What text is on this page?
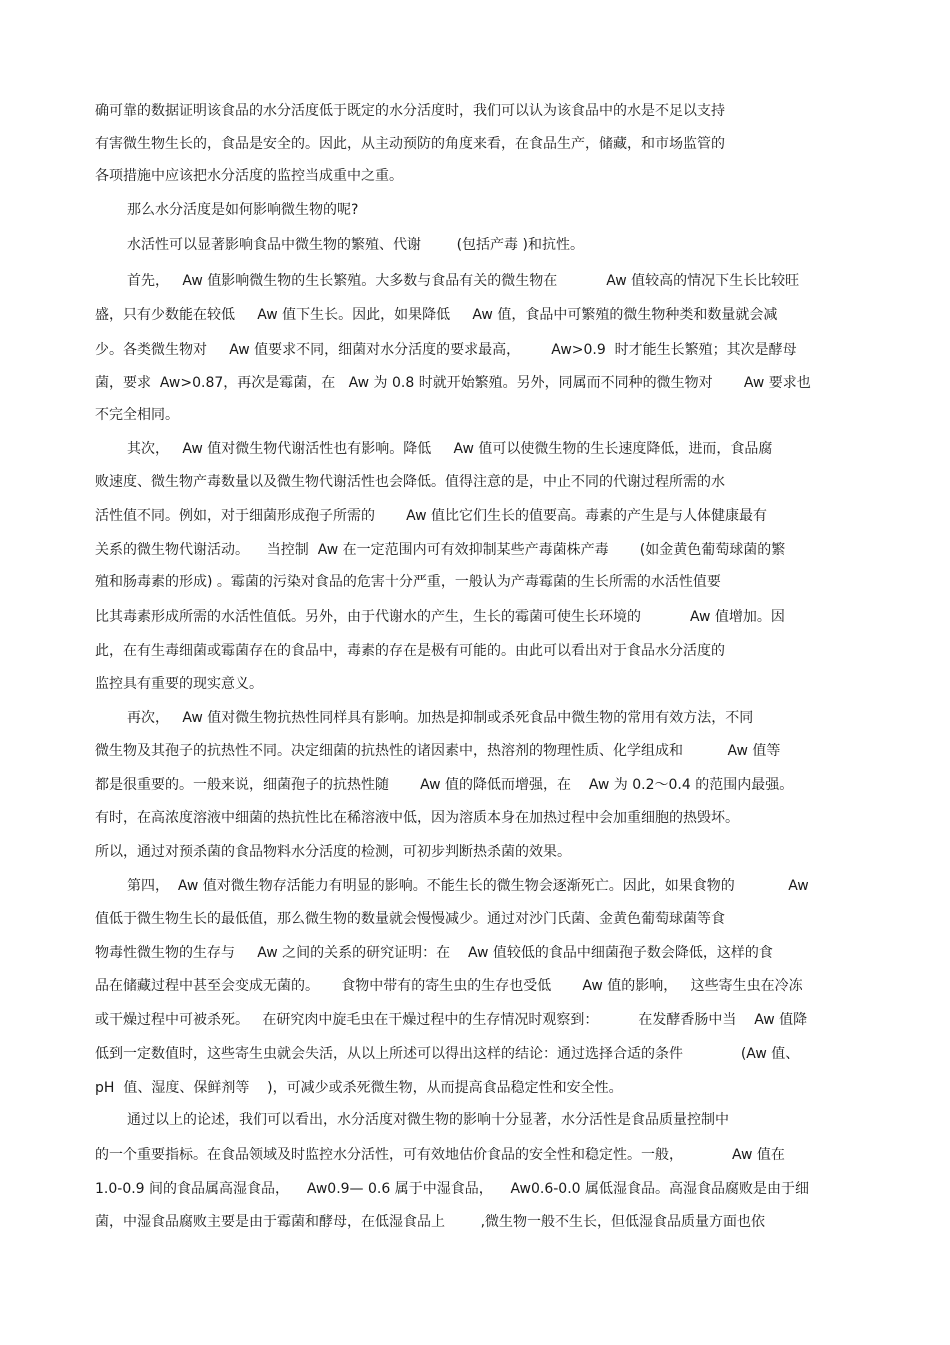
确可靠的数据证明该食品的水分活度低于既定的水分活度时，我们可以认为该食品中的水是不足以支持
有害微生物生长的，食品是安全的。因此，从主动预防的角度来看，在食品生产，储藏，和市场监管的
各项措施中应该把水分活度的监控当成重中之重。
那么水分活度是如何影响微生物的呢?
水活性可以显著影响食品中微生物的繁殖、代谢        (包括产毒 )和抗性。
首先，   Aw 值影响微生物的生长繁殖。大多数与食品有关的微生物在           Aw 值较高的情况下生长比较旺
盛，只有少数能在较低     Aw 值下生长。因此，如果降低     Aw 值，食品中可繁殖的微生物种类和数量就会减
少。各类微生物对     Aw 值要求不同，细菌对水分活度的要求最高，       Aw>0.9  时才能生长繁殖；其次是酵母
菌，要求  Aw>0.87，再次是霉菌，在   Aw 为 0.8 时就开始繁殖。另外，同属而不同种的微生物对       Aw 要求也
不完全相同。
其次，   Aw 值对微生物代谢活性也有影响。降低     Aw 值可以使微生物的生长速度降低，进而，食品腐
败速度、微生物产毒数量以及微生物代谢活性也会降低。值得注意的是，中止不同的代谢过程所需的水
活性值不同。例如，对于细菌形成孢子所需的       Aw 值比它们生长的值要高。毒素的产生是与人体健康最有
关系的微生物代谢活动。    当控制  Aw 在一定范围内可有效抑制某些产毒菌株产毒       (如金黄色葡萄球菌的繁
殖和肠毒素的形成) 。霉菌的污染对食品的危害十分严重，一般认为产毒霉菌的生长所需的水活性值要
比其毒素形成所需的水活性值低。另外，由于代谢水的产生，生长的霉菌可使生长环境的           Aw 值增加。因
此，在有生毒细菌或霉菌存在的食品中，毒素的存在是极有可能的。由此可以看出对于食品水分活度的
监控具有重要的现实意义。
再次，   Aw 值对微生物抗热性同样具有影响。加热是抑制或杀死食品中微生物的常用有效方法，不同
微生物及其孢子的抗热性不同。决定细菌的抗热性的诸因素中，热溶剂的物理性质、化学组成和          Aw 值等
都是很重要的。一般来说，细菌孢子的抗热性随       Aw 值的降低而增强，在    Aw 为 0.2～0.4 的范围内最强。
有时，在高浓度溶液中细菌的热抗性比在稀溶液中低，因为溶质本身在加热过程中会加重细胞的热毁坏。
所以，通过对预杀菌的食品物料水分活度的检测，可初步判断热杀菌的效果。
第四，  Aw 值对微生物存活能力有明显的影响。不能生长的微生物会逐渐死亡。因此，如果食物的            Aw
值低于微生物生长的最低值，那么微生物的数量就会慢慢减少。通过对沙门氏菌、金黄色葡萄球菌等食
物毒性微生物的生存与     Aw 之间的关系的研究证明：在    Aw 值较低的食品中细菌孢子数会降低，这样的食
品在储藏过程中甚至会变成无菌的。     食物中带有的寄生虫的生存也受低       Aw 值的影响，   这些寄生虫在冷冻
或干燥过程中可被杀死。   在研究肉中旋毛虫在干燥过程中的生存情况时观察到：         在发酵香肠中当    Aw 值降
低到一定数值时，这些寄生虫就会失活，从以上所述可以得出这样的结论：通过选择合适的条件             (Aw 值、
pH  值、湿度、保鲜剂等    )，可减少或杀死微生物，从而提高食品稳定性和安全性。
通过以上的论述，我们可以看出，水分活度对微生物的影响十分显著，水分活性是食品质量控制中
的一个重要指标。在食品领域及时监控水分活性，可有效地估价食品的安全性和稳定性。一般，           Aw 值在
1.0-0.9 间的食品属高湿食品，    Aw0.9— 0.6 属于中湿食品，    Aw0.6-0.0 属低湿食品。高湿食品腐败是由于细
菌，中湿食品腐败主要是由于霉菌和酵母，在低湿食品上        ,微生物一般不生长，但低湿食品质量方面也依
